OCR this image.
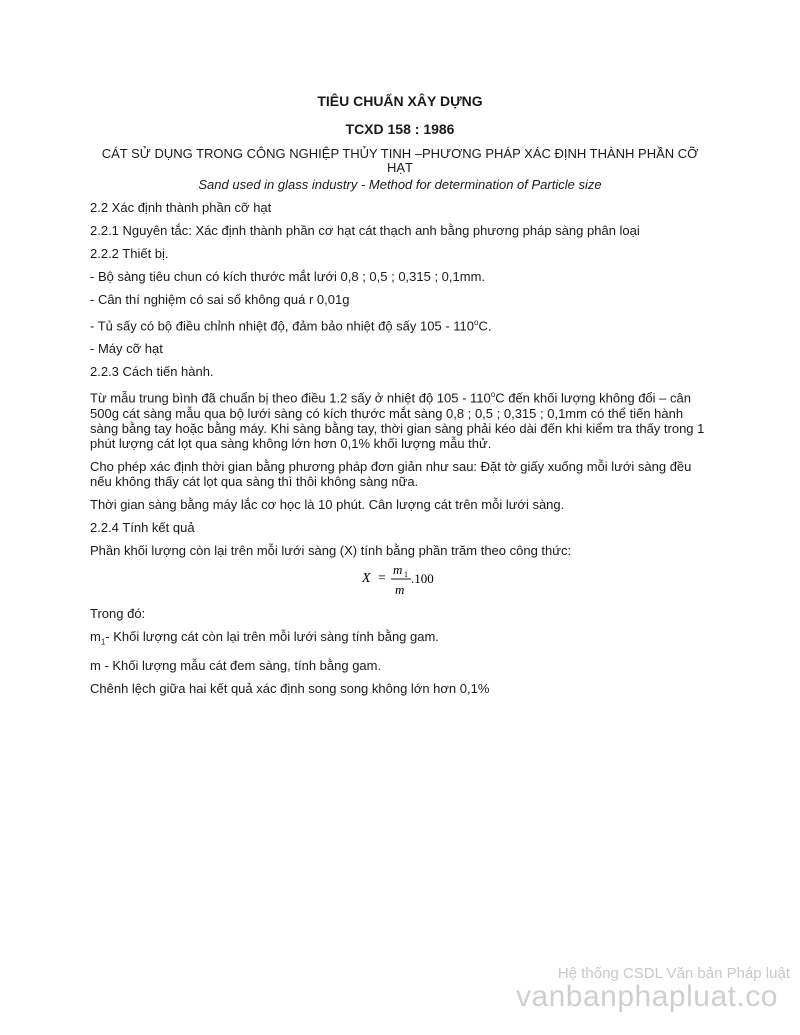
TIÊU CHUẨN XÂY DỰNG
TCXD 158 : 1986
CÁT SỬ DỤNG TRONG CÔNG NGHIỆP THỦY TINH –PHƯƠNG PHÁP XÁC ĐỊNH THÀNH PHẦN CỠ HẠT
Sand used in glass industry - Method for determination of Particle size

2.2 Xác định thành phần cỡ hạt

2.2.1 Nguyên tắc: Xác định thành phần cơ hạt cát thạch anh bằng phương pháp sàng phân loại

2.2.2 Thiết bị.

- Bộ sàng tiêu chun có kích thước mắt lưới 0,8 ; 0,5 ; 0,315 ; 0,1mm.

- Cân thí nghiệm có sai số không quá r 0,01g

- Tủ sấy có bộ điều chỉnh nhiệt độ, đảm bảo nhiệt độ sấy 105 - 110$^o$C.

- Máy cỡ hạt

2.2.3 Cách tiến hành.

Từ mẫu trung bình đã chuẩn bị theo điều 1.2 sấy ở nhiệt độ 105 - 110$^o$C đến khối lượng không đổi – cân 500g cát sàng mẫu qua bộ lưới sàng có kích thước mắt sàng 0,8 ; 0,5 ; 0,315 ; 0,1mm có thể tiến hành sàng bằng tay hoặc bằng máy. Khi sàng bằng tay, thời gian sàng phải kéo dài đến khi kiểm tra thấy trong 1 phút lượng cát lọt qua sàng không lớn hơn 0,1% khối lượng mẫu thử.

Cho phép xác định thời gian bằng phương pháp đơn giản như sau: Đặt tờ giấy xuống mỗi lưới sàng đều nếu không thấy cát lọt qua sàng thì thôi không sàng nữa.

Thời gian sàng bằng máy lắc cơ học là 10 phút. Cân lượng cát trên mỗi lưới sàng.

2.2.4 Tính kết quả

Phần khối lượng còn lại trên mỗi lưới sàng (X) tính bằng phần trăm theo công thức:

X =
m 1
m
.100

Trong đó:

$m_1-$ Khối lượng cát còn lại trên mỗi lưới sàng tính bằng gam.

m - Khối lượng mẫu cát đem sàng, tính bằng gam.

Chênh lệch giữa hai kết quả xác định song song không lớn hơn 0,1%

Hệ thống CSDL Văn bản Pháp luật
vanbanphapluat.co
